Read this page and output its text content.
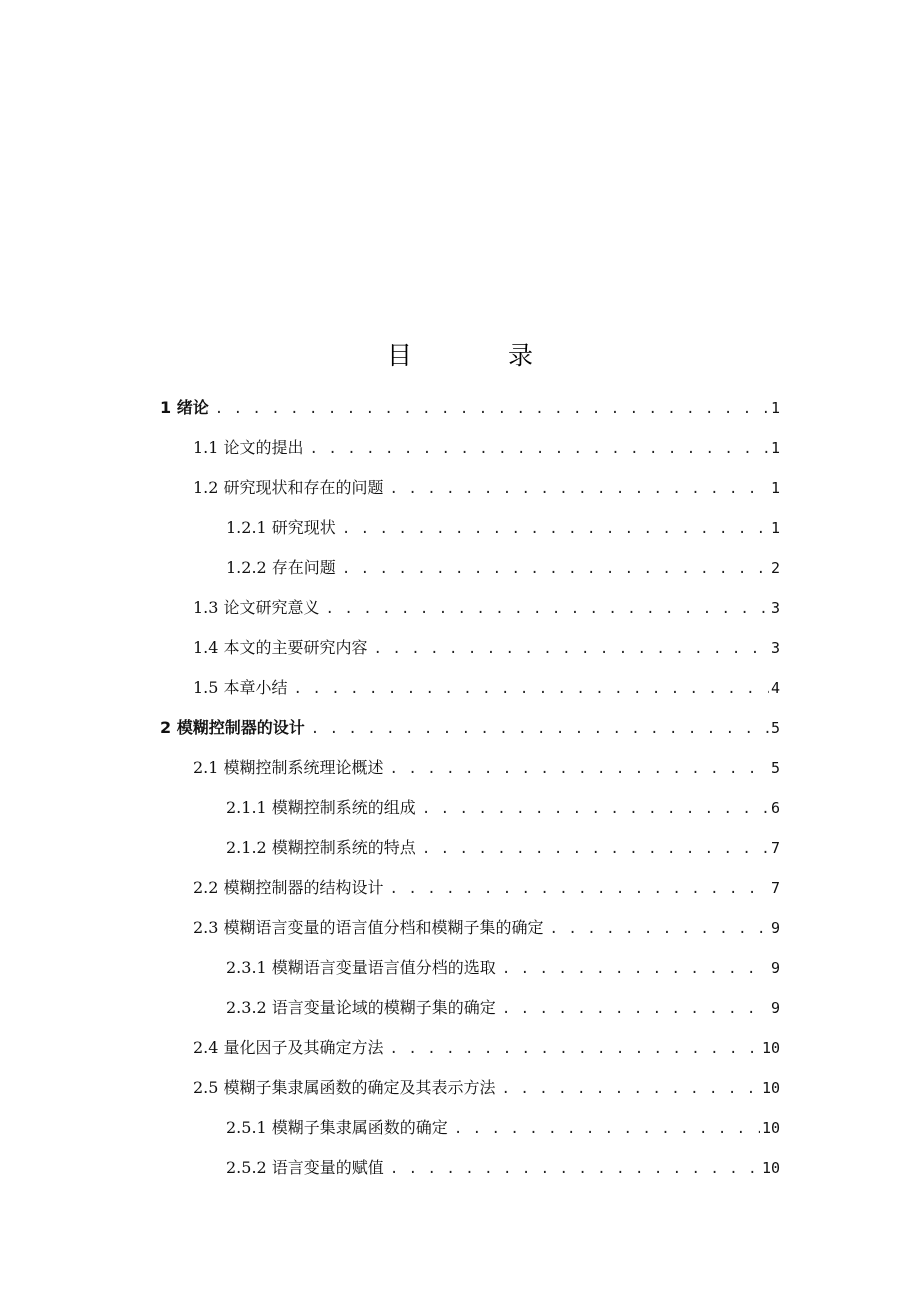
目 录
1 绪论 . . .	1
1.1 论文的提出 . . .	1
1.2 研究现状和存在的问题 . . .	1
1.2.1 研究现状 . . .	1
1.2.2 存在问题 . . .	2
1.3 论文研究意义 . . .	3
1.4 本文的主要研究内容 . . .	3
1.5 本章小结 . . .	4
2 模糊控制器的设计 . . .	5
2.1 模糊控制系统理论概述 . . .	5
2.1.1 模糊控制系统的组成 . . .	6
2.1.2 模糊控制系统的特点 . . .	7
2.2 模糊控制器的结构设计 . . .	7
2.3 模糊语言变量的语言值分档和模糊子集的确定 . . .	9
2.3.1 模糊语言变量语言值分档的选取 . . .	9
2.3.2 语言变量论域的模糊子集的确定 . . .	9
2.4 量化因子及其确定方法 . . .	10
2.5 模糊子集隶属函数的确定及其表示方法 . . .	10
2.5.1 模糊子集隶属函数的确定 . . .	10
2.5.2 语言变量的赋值 . . .	10
